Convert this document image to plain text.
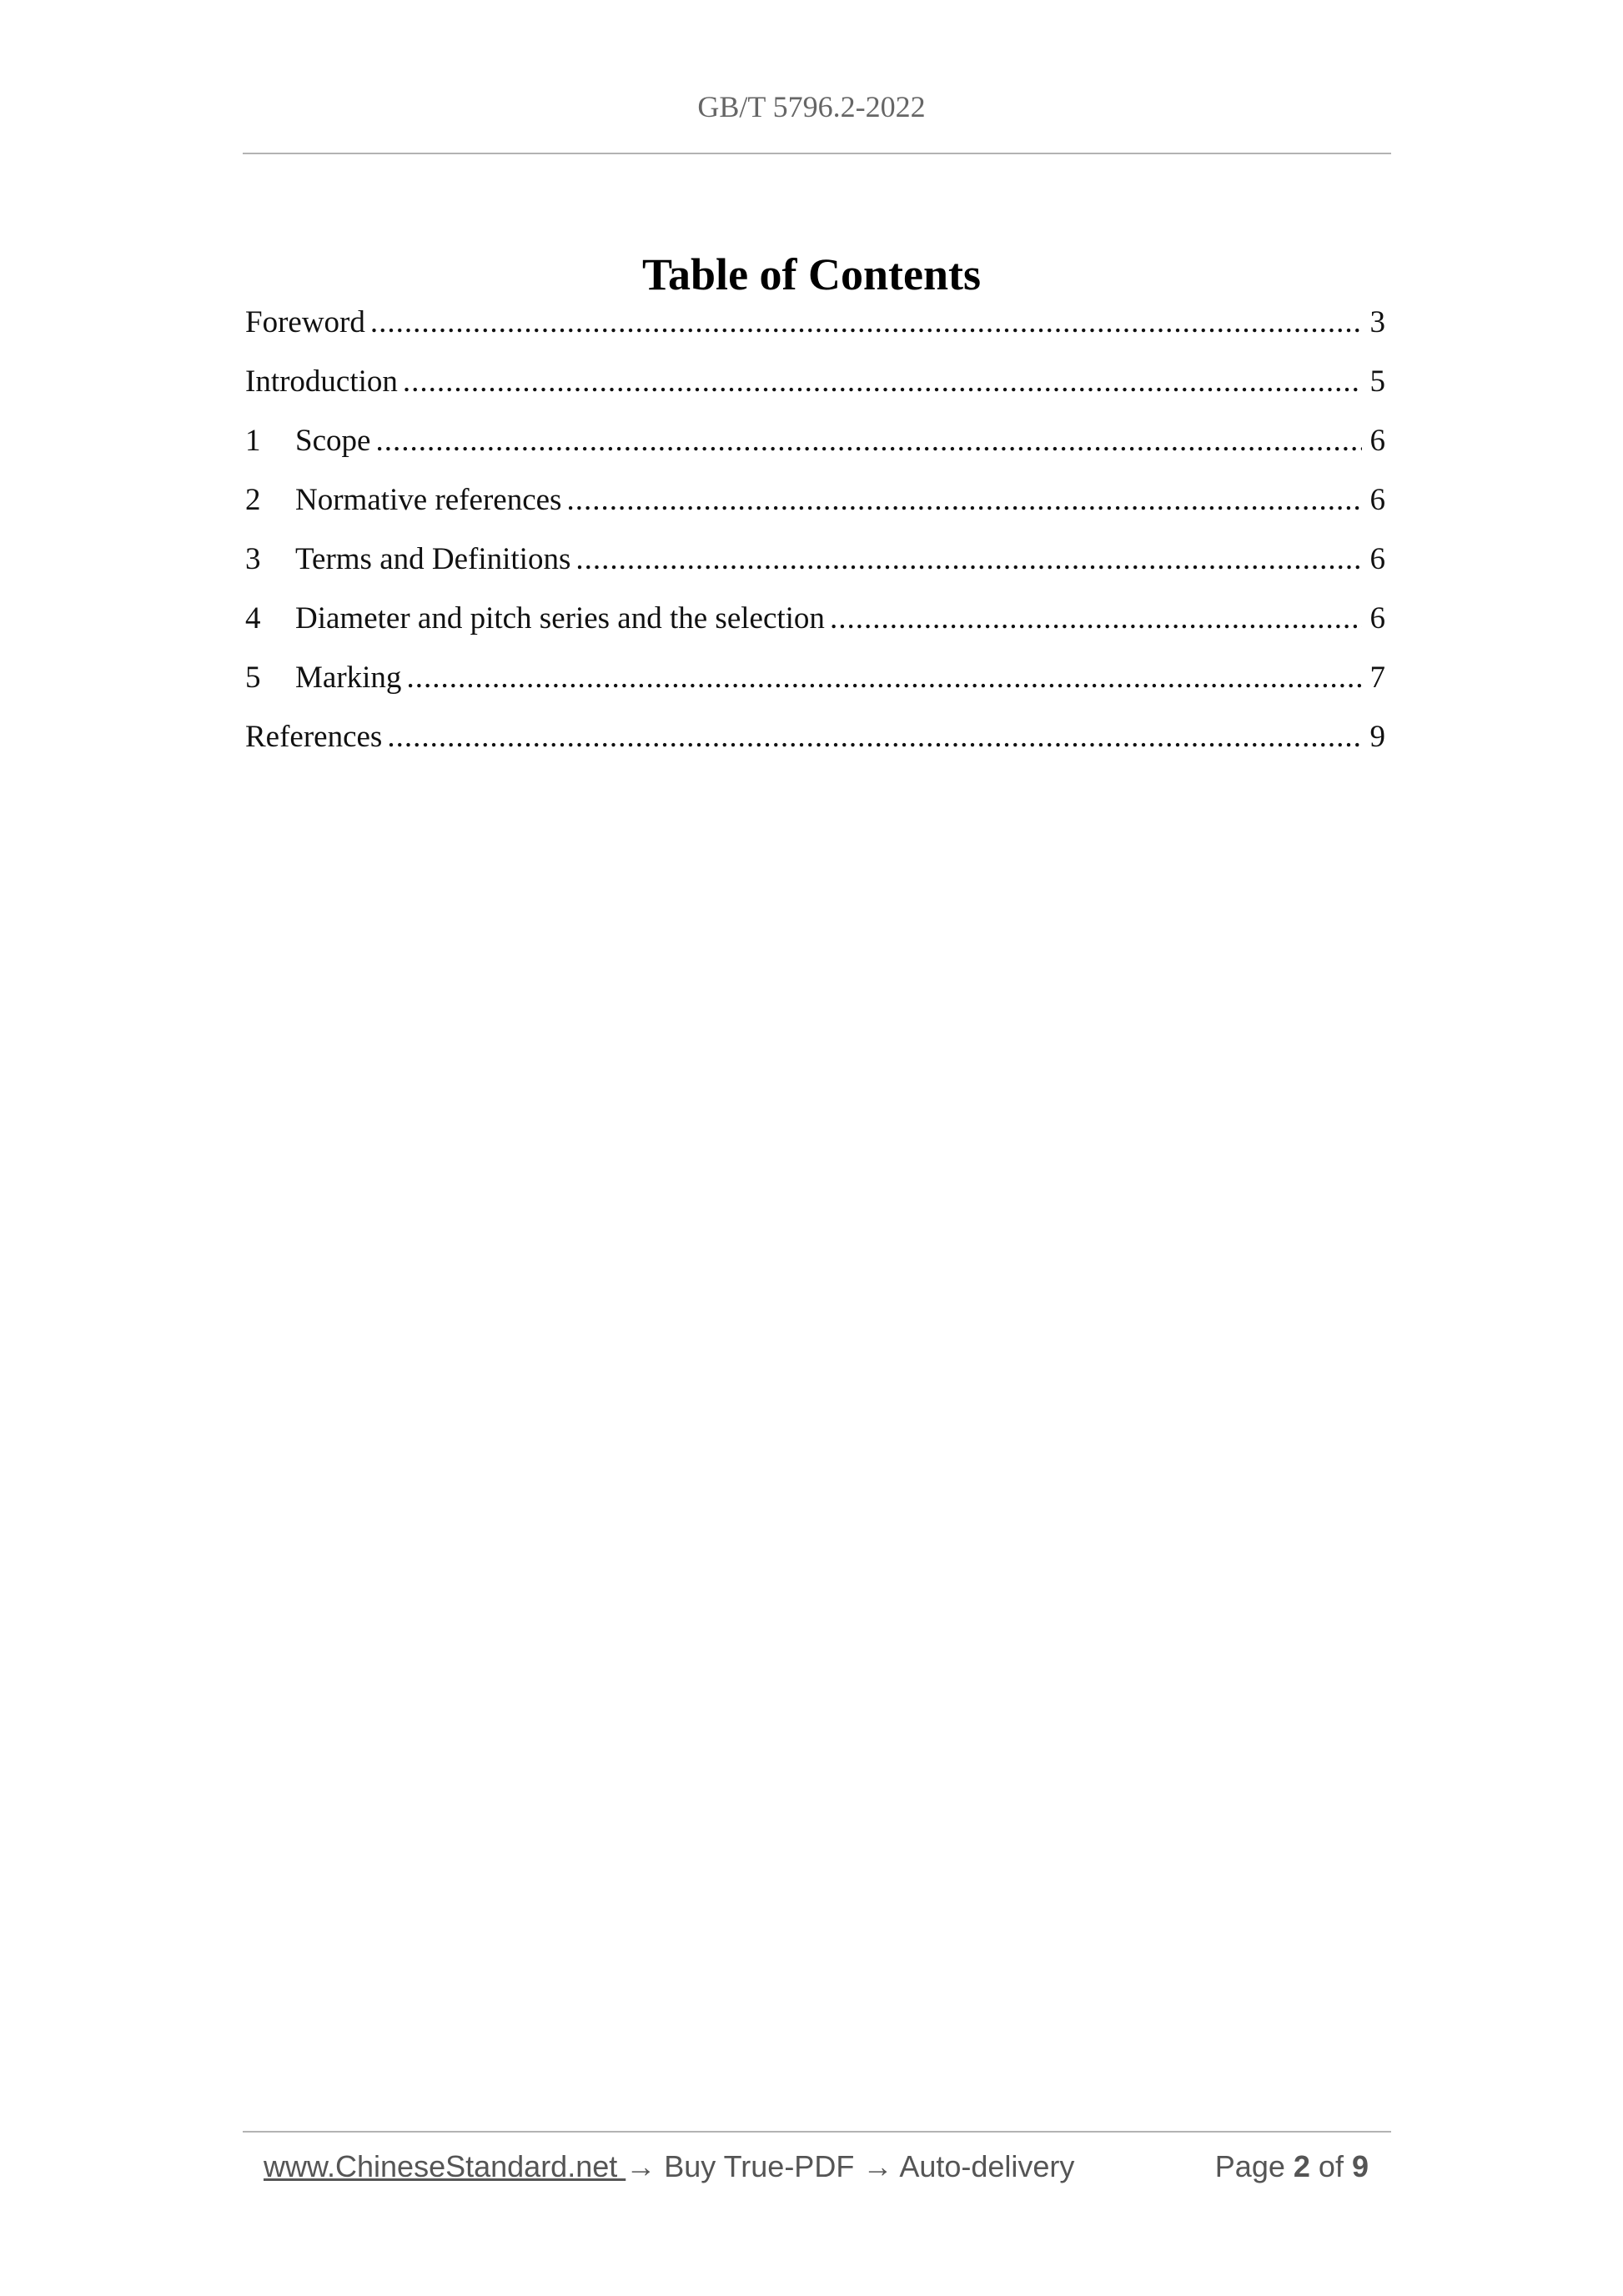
GB/T 5796.2-2022
Table of Contents
Foreword .....	3
Introduction .....	5
1	Scope .....	6
2	Normative references .....	6
3	Terms and Definitions .....	6
4	Diameter and pitch series and the selection .....	6
5	Marking .....	7
References .....	9
www.ChineseStandard.net → Buy True-PDF → Auto-delivery	Page 2 of 9
